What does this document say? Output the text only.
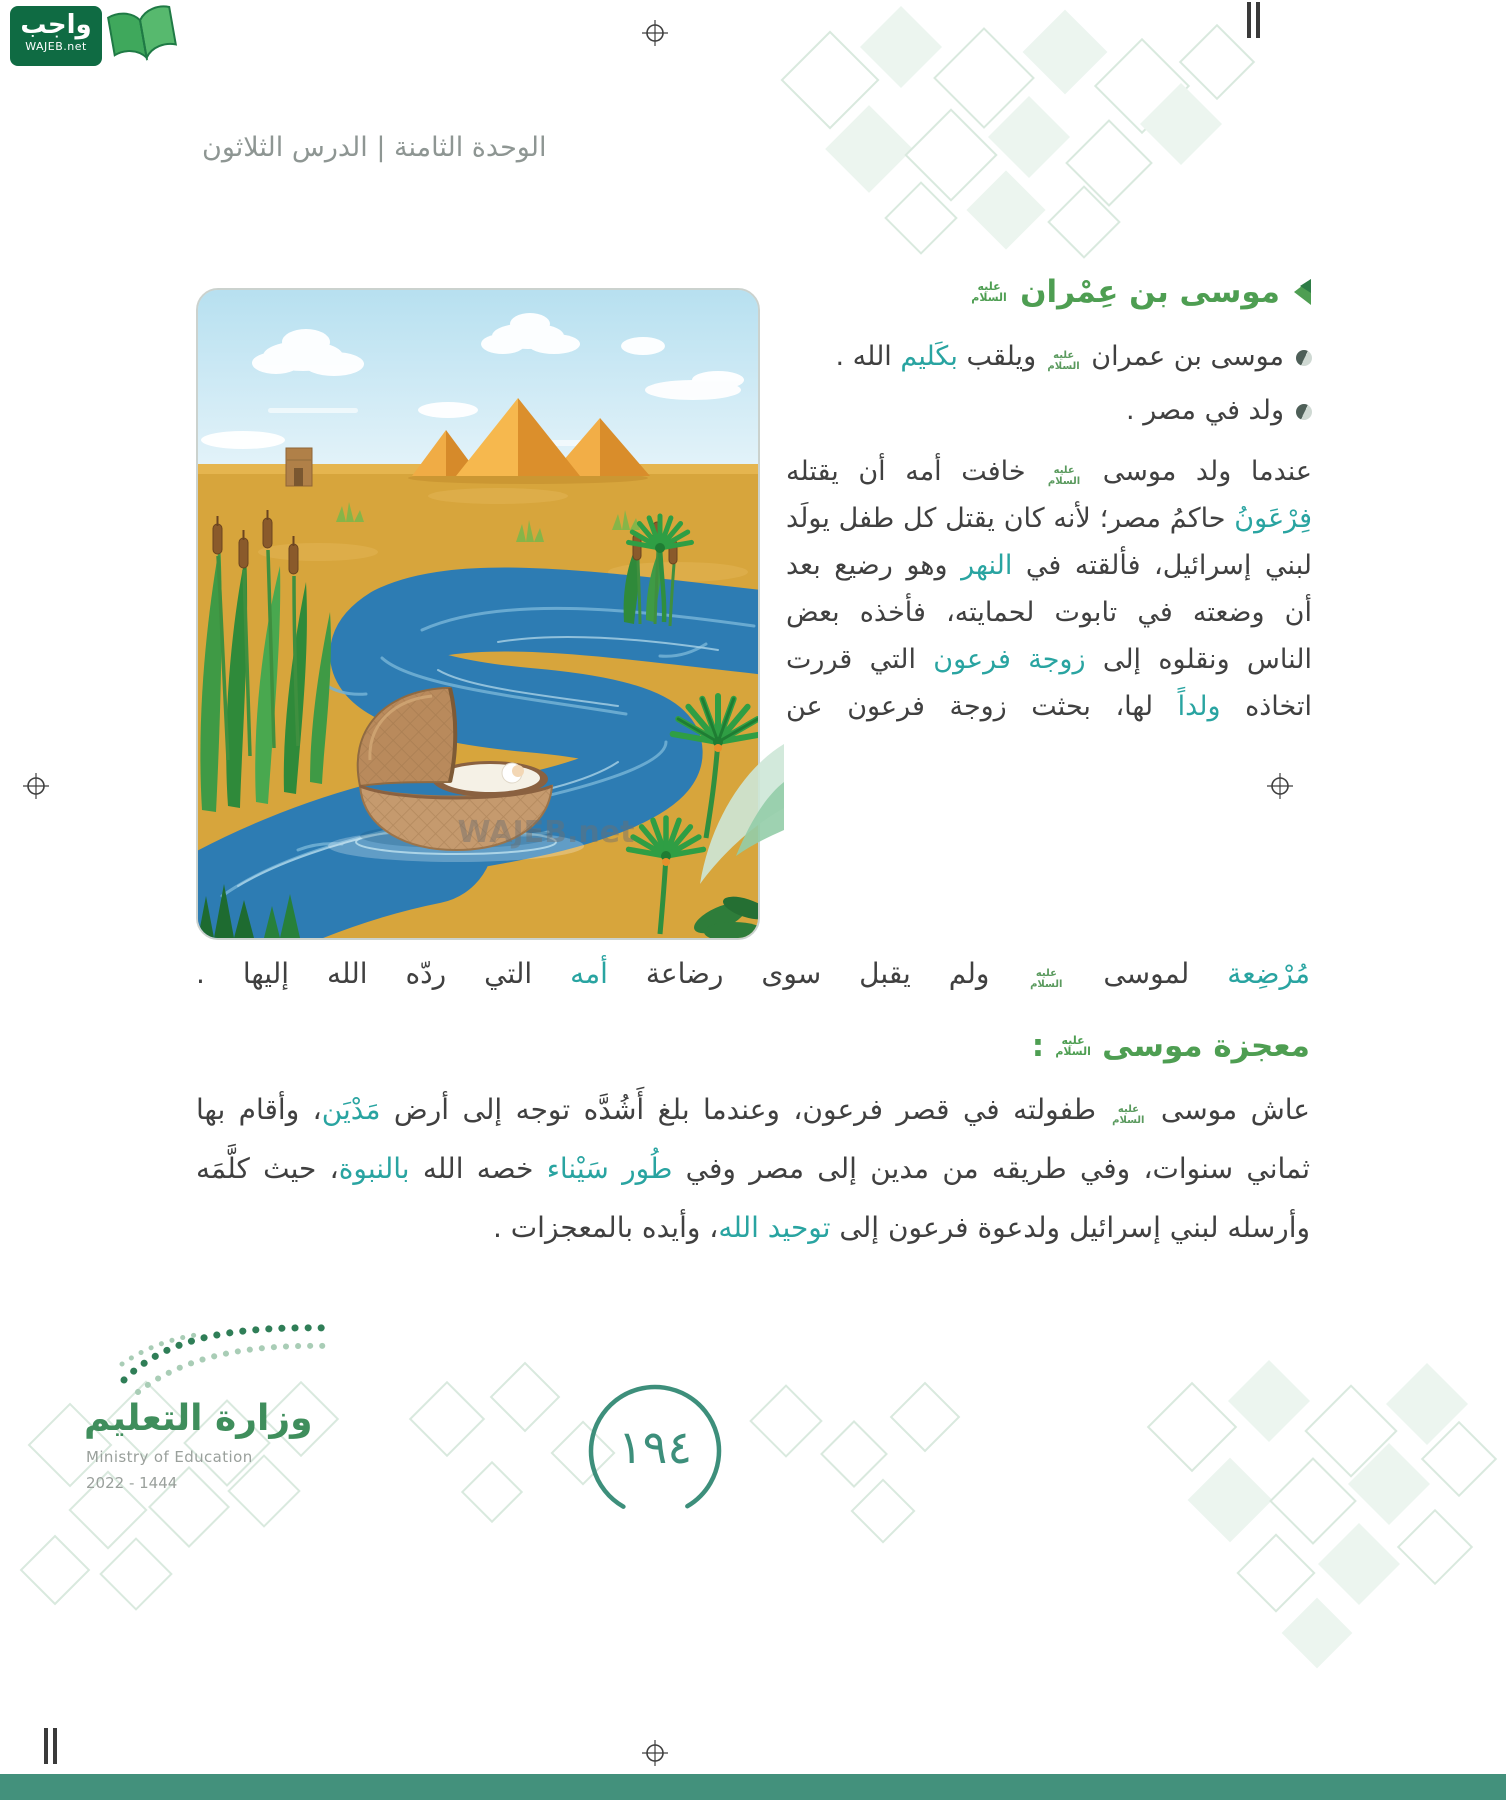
واجب
WAJEB.net
الوحدة الثامنة | الدرس الثلاثون
WAJEB.net
موسى بن عِمْران
عليه السلام
موسى بن عمران عليه السلام ويلقب بكَليم الله .
ولد في مصر .

عندما ولد موسى عليه السلام خافت أمه أن يقتله فِرْعَونُ حاكمُ مصر؛ لأنه كان يقتل كل طفل يولَد لبني إسرائيل، فألقته في النهر وهو رضيع بعد أن وضعته في تابوت لحمايته، فأخذه بعض الناس ونقلوه إلى زوجة فرعون التي قررت اتخاذه ولداً لها، بحثت زوجة فرعون عن

مُرْضِعة لموسى عليه السلام ولم يقبل سوى رضاعة أمه التي ردّه الله إليها .

معجزة موسى
عليه السلام
:

عاش موسى عليه السلام طفولته في قصر فرعون، وعندما بلغ أَشُدَّه توجه إلى أرض مَدْيَن، وأقام بها ثماني سنوات، وفي طريقه من مدين إلى مصر وفي طُور سَيْناء خصه الله بالنبوة، حيث كلَّمَه وأرسله لبني إسرائيل ولدعوة فرعون إلى توحيد الله، وأيده بالمعجزات .

وزارة التعليم
Ministry of Education
2022 - 1444
١٩٤
